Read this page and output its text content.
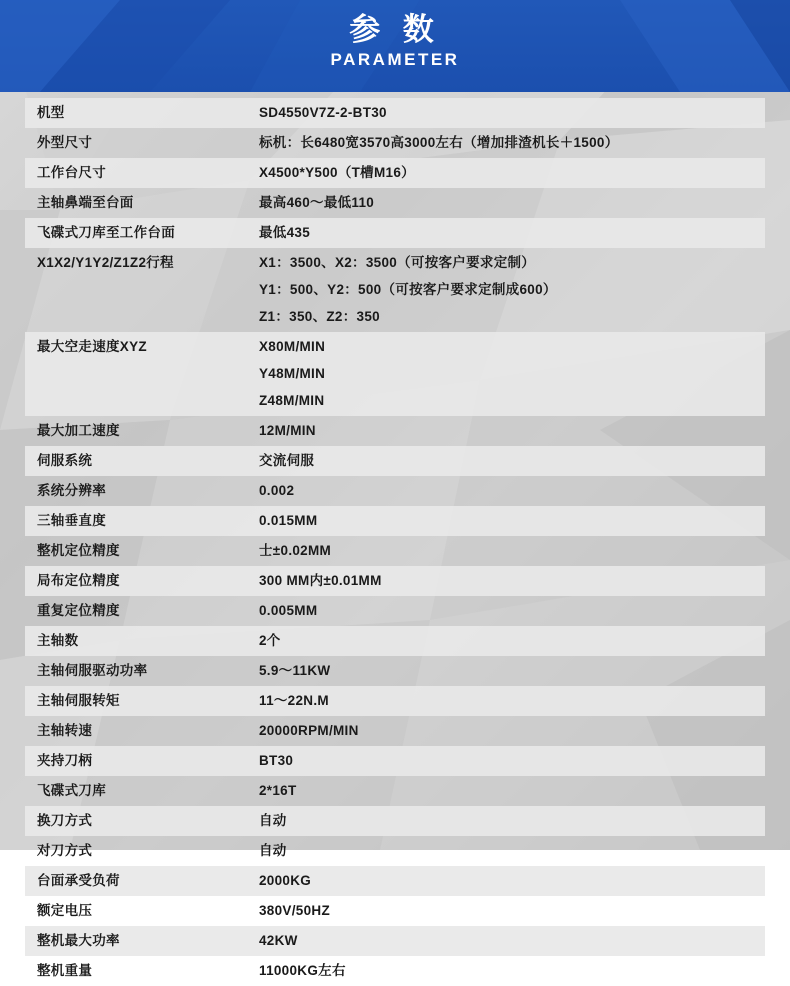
参 数
PARAMETER
机型	SD4550V7Z-2-BT30

外型尺寸	标机：长6480宽3570高3000左右（增加排渣机长＋1500）

工作台尺寸	X4500*Y500（T槽M16）

主轴鼻端至台面	最高460～最低110

飞碟式刀库至工作台面	最低435

X1X2/Y1Y2/Z1Z2行程	X1：3500、X2：3500（可按客户要求定制）
Y1：500、Y2：500（可按客户要求定制成600）
Z1：350、Z2：350

最大空走速度XYZ	X80M/MIN
Y48M/MIN
Z48M/MIN

最大加工速度	12M/MIN

伺服系统	交流伺服

系统分辨率	0.002

三轴垂直度	0.015MM

整机定位精度	士±0.02MM

局布定位精度	300 MM内±0.01MM

重复定位精度	0.005MM

主轴数	2个

主轴伺服驱动功率	5.9～11KW

主轴伺服转矩	11～22N.M

主轴转速	20000RPM/MIN

夹持刀柄	BT30

飞碟式刀库	2*16T

换刀方式	自动

对刀方式	自动

台面承受负荷	2000KG

额定电压	380V/50HZ

整机最大功率	42KW

整机重量	11000KG左右
